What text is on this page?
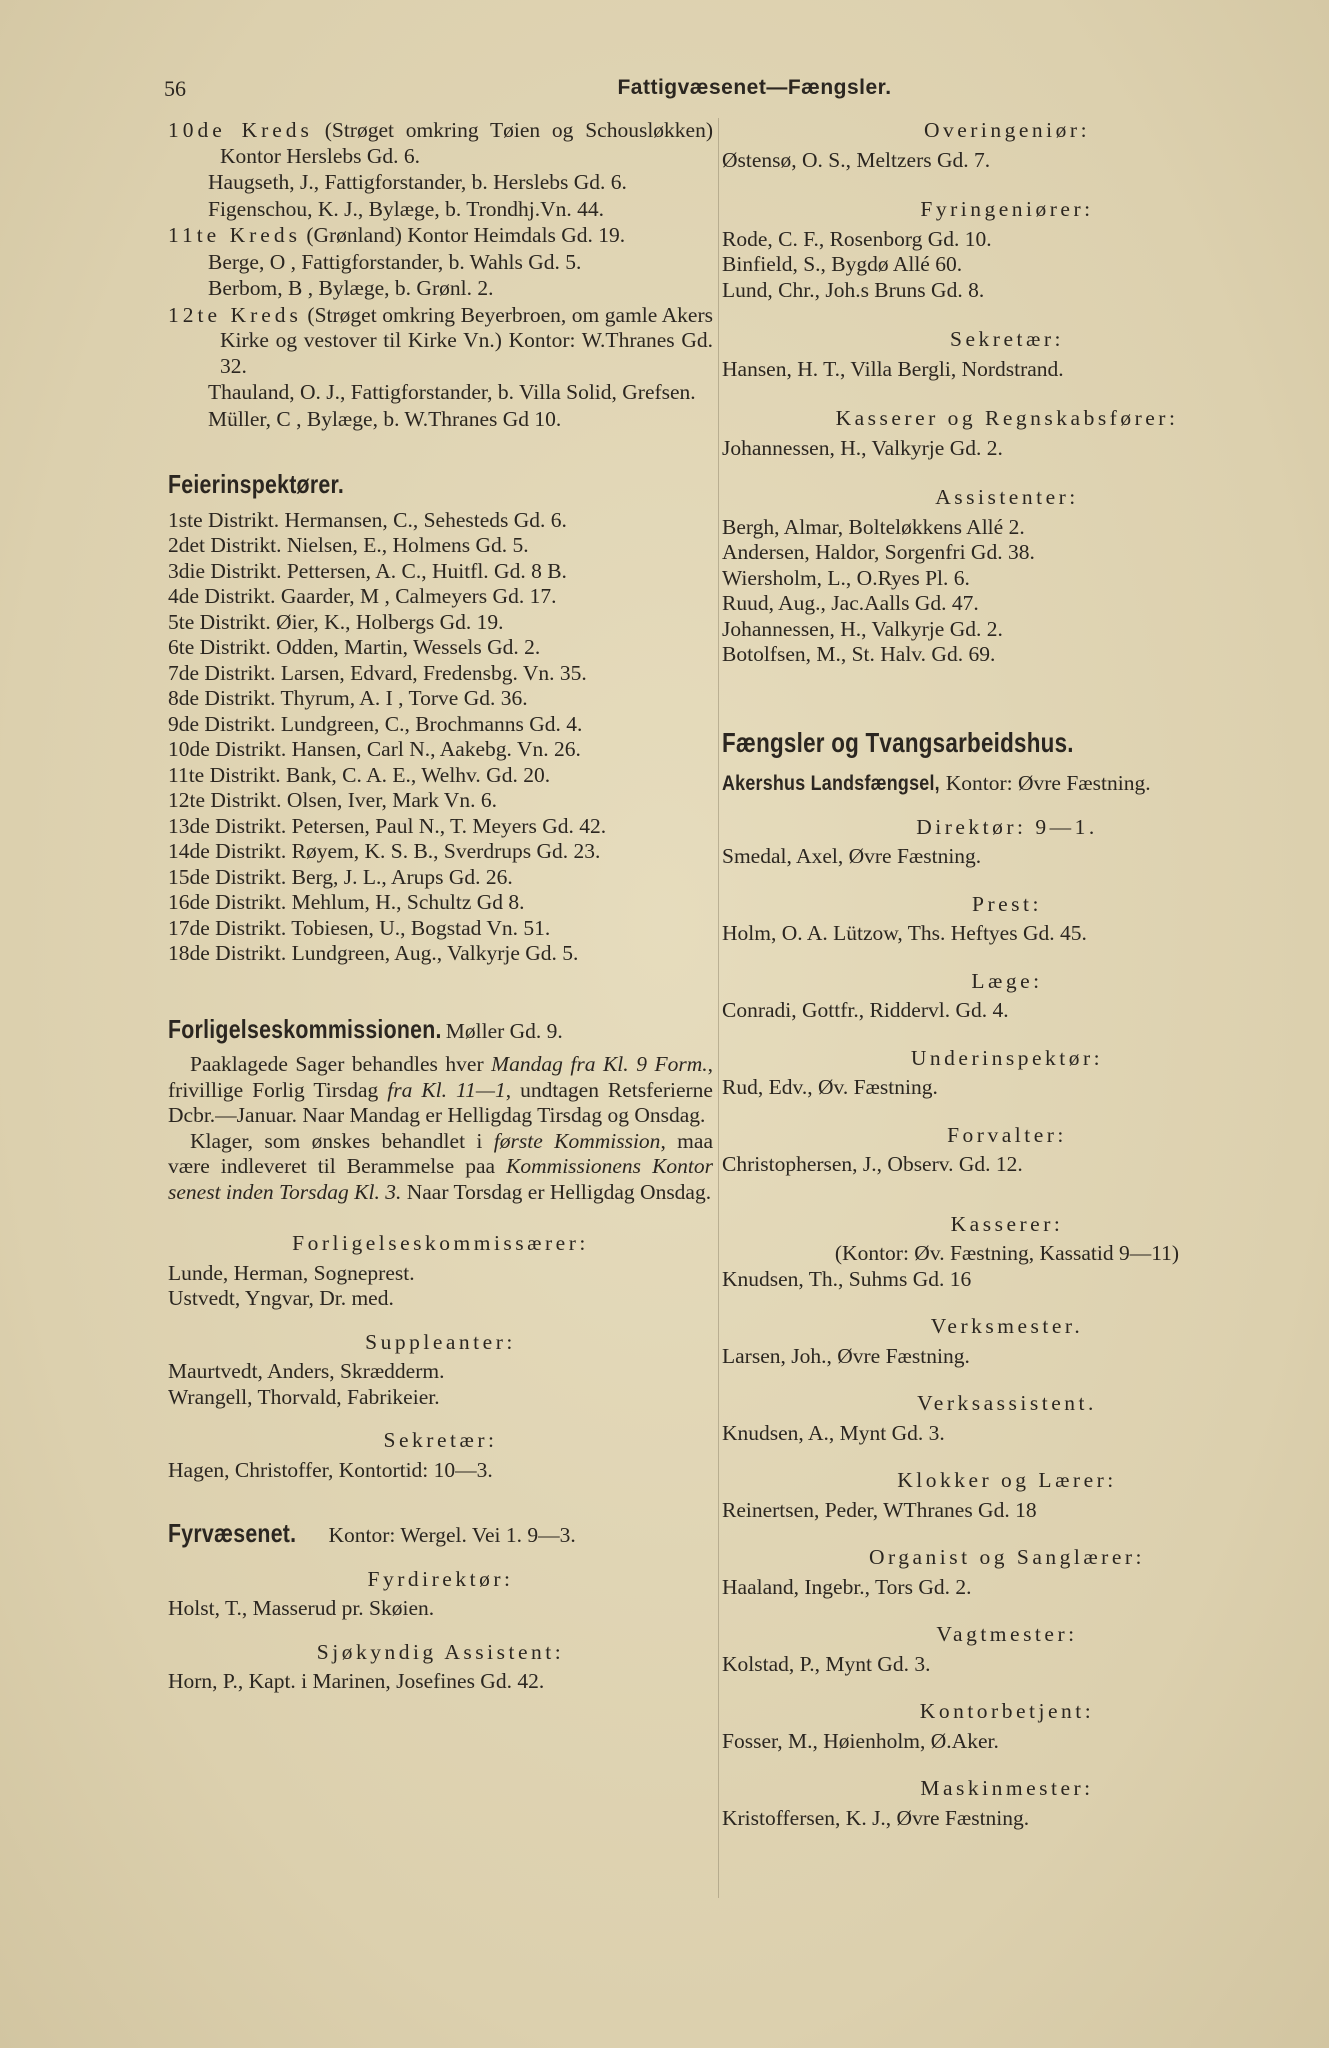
56	Fattigvæsenet—Fængsler.
10de Kreds (Strøget omkring Tøien og Schousløkken) Kontor Herslebs Gd. 6.
Haugseth, J., Fattigforstander, b. Herslebs Gd. 6.
Figenschou, K. J., Bylæge, b. Trondhj.Vn. 44.
11te Kreds (Grønland) Kontor Heimdals Gd. 19.
Berge, O , Fattigforstander, b. Wahls Gd. 5.
Berbom, B , Bylæge, b. Grønl. 2.
12te Kreds (Strøget omkring Beyerbroen, om gamle Akers Kirke og vestover til Kirke Vn.) Kontor: W.Thranes Gd. 32.
Thauland, O. J., Fattigforstander, b. Villa Solid, Grefsen.
Müller, C , Bylæge, b. W.Thranes Gd 10.
Feierinspektører.
1ste Distrikt. Hermansen, C., Sehesteds Gd. 6.
2det Distrikt. Nielsen, E., Holmens Gd. 5.
3die Distrikt. Pettersen, A. C., Huitfl. Gd. 8 B.
4de Distrikt. Gaarder, M , Calmeyers Gd. 17.
5te Distrikt. Øier, K., Holbergs Gd. 19.
6te Distrikt. Odden, Martin, Wessels Gd. 2.
7de Distrikt. Larsen, Edvard, Fredensbg. Vn. 35.
8de Distrikt. Thyrum, A. I , Torve Gd. 36.
9de Distrikt. Lundgreen, C., Brochmanns Gd. 4.
10de Distrikt. Hansen, Carl N., Aakebg. Vn. 26.
11te Distrikt. Bank, C. A. E., Welhv. Gd. 20.
12te Distrikt. Olsen, Iver, Mark Vn. 6.
13de Distrikt. Petersen, Paul N., T. Meyers Gd. 42.
14de Distrikt. Røyem, K. S. B., Sverdrups Gd. 23.
15de Distrikt. Berg, J. L., Arups Gd. 26.
16de Distrikt. Mehlum, H., Schultz Gd 8.
17de Distrikt. Tobiesen, U., Bogstad Vn. 51.
18de Distrikt. Lundgreen, Aug., Valkyrje Gd. 5.
Forligelseskommissionen. Møller Gd. 9.
Paaklagede Sager behandles hver Mandag fra Kl. 9 Form., frivillige Forlig Tirsdag fra Kl. 11—1, undtagen Retsferierne Dcbr.—Januar. Naar Mandag er Helligdag Tirsdag og Onsdag.
Klager, som ønskes behandlet i første Kommission, maa være indleveret til Berammelse paa Kommissionens Kontor senest inden Torsdag Kl. 3. Naar Torsdag er Helligdag Onsdag.
Forligelseskommissærer:
Lunde, Herman, Sogneprest.
Ustvedt, Yngvar, Dr. med.
Suppleanter:
Maurtvedt, Anders, Skrædderm.
Wrangell, Thorvald, Fabrikeier.
Sekretær:
Hagen, Christoffer, Kontortid: 10—3.
Fyrvæsenet. Kontor: Wergel. Vei 1. 9—3.
Fyrdirektør:
Holst, T., Masserud pr. Skøien.
Sjøkyndig Assistent:
Horn, P., Kapt. i Marinen, Josefines Gd. 42.
Overingeniør:
Østensø, O. S., Meltzers Gd. 7.
Fyringeniører:
Rode, C. F., Rosenborg Gd. 10.
Binfield, S., Bygdø Allé 60.
Lund, Chr., Joh.s Bruns Gd. 8.
Sekretær:
Hansen, H. T., Villa Bergli, Nordstrand.
Kasserer og Regnskabsfører:
Johannessen, H., Valkyrje Gd. 2.
Assistenter:
Bergh, Almar, Bolteløkkens Allé 2.
Andersen, Haldor, Sorgenfri Gd. 38.
Wiersholm, L., O.Ryes Pl. 6.
Ruud, Aug., Jac.Aalls Gd. 47.
Johannessen, H., Valkyrje Gd. 2.
Botolfsen, M., St. Halv. Gd. 69.
Fængsler og Tvangsarbeidshus.
Akershus Landsfængsel, Kontor: Øvre Fæstning.
Direktør: 9—1.
Smedal, Axel, Øvre Fæstning.
Prest:
Holm, O. A. Lützow, Ths. Heftyes Gd. 45.
Læge:
Conradi, Gottfr., Riddervl. Gd. 4.
Underinspektør:
Rud, Edv., Øv. Fæstning.
Forvalter:
Christophersen, J., Observ. Gd. 12.
Kasserer:
(Kontor: Øv. Fæstning, Kassatid 9—11)
Knudsen, Th., Suhms Gd. 16
Verksmester.
Larsen, Joh., Øvre Fæstning.
Verksassistent.
Knudsen, A., Mynt Gd. 3.
Klokker og Lærer:
Reinertsen, Peder, WThranes Gd. 18
Organist og Sanglærer:
Haaland, Ingebr., Tors Gd. 2.
Vagtmester:
Kolstad, P., Mynt Gd. 3.
Kontorbetjent:
Fosser, M., Høienholm, Ø.Aker.
Maskinmester:
Kristoffersen, K. J., Øvre Fæstning.
